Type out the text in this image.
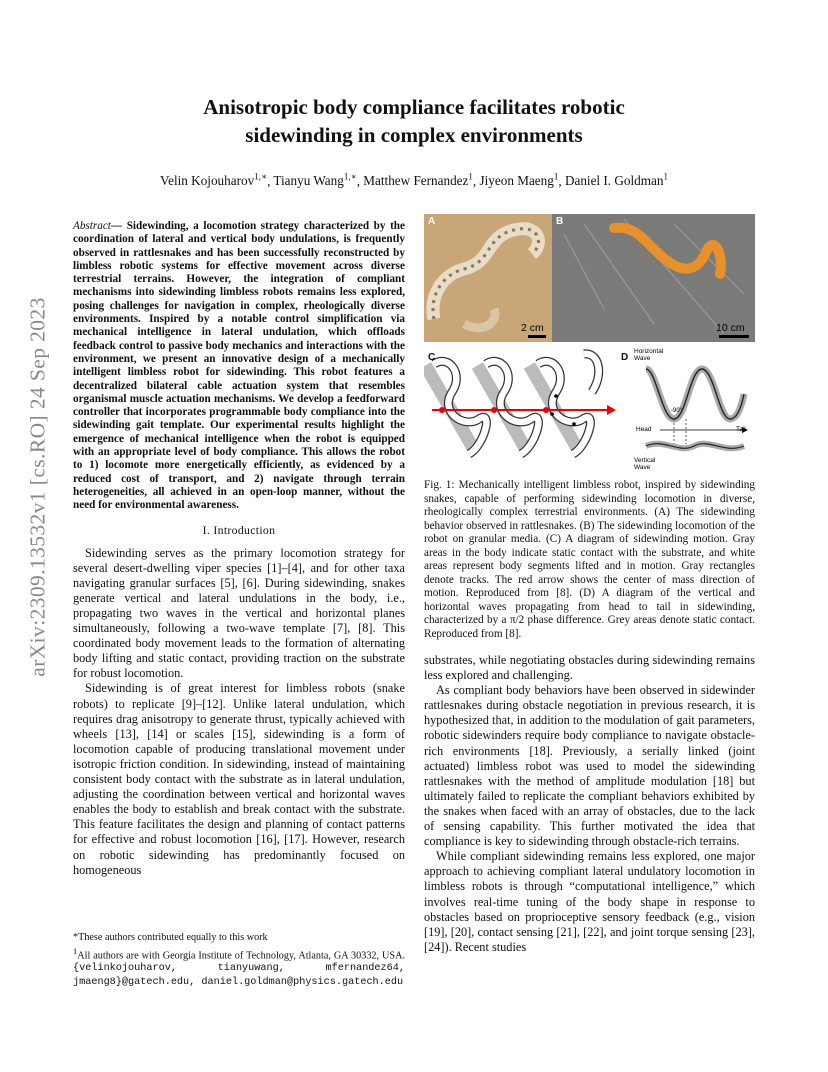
arXiv:2309.13532v1 [cs.RO] 24 Sep 2023
Anisotropic body compliance facilitates robotic
sidewinding in complex environments
Velin Kojouharov$^{1,∗}$, Tianyu Wang$^{1,∗}$, Matthew Fernandez$^1$, Jiyeon Maeng$^1$, Daniel I. Goldman$^1$

Abstract— Sidewinding, a locomotion strategy characterized by the coordination of lateral and vertical body undulations, is frequently observed in rattlesnakes and has been successfully reconstructed by limbless robotic systems for effective movement across diverse terrestrial terrains. However, the integration of compliant mechanisms into sidewinding limbless robots remains less explored, posing challenges for navigation in complex, rheologically diverse environments. Inspired by a notable control simplification via mechanical intelligence in lateral undulation, which offloads feedback control to passive body mechanics and interactions with the environment, we present an innovative design of a mechanically intelligent limbless robot for sidewinding. This robot features a decentralized bilateral cable actuation system that resembles organismal muscle actuation mechanisms. We develop a feedforward controller that incorporates programmable body compliance into the sidewinding gait template. Our experimental results highlight the emergence of mechanical intelligence when the robot is equipped with an appropriate level of body compliance. This allows the robot to 1) locomote more energetically efficiently, as evidenced by a reduced cost of transport, and 2) navigate through terrain heterogeneities, all achieved in an open-loop manner, without the need for environmental awareness.

I. Introduction

Sidewinding serves as the primary locomotion strategy for several desert-dwelling viper species [1]–[4], and for other taxa navigating granular surfaces [5], [6]. During sidewinding, snakes generate vertical and lateral undulations in the body, i.e., propagating two waves in the vertical and horizontal planes simultaneously, following a two-wave template [7], [8]. This coordinated body movement leads to the formation of alternating body lifting and static contact, providing traction on the substrate for robust locomotion.

Sidewinding is of great interest for limbless robots (snake robots) to replicate [9]–[12]. Unlike lateral undulation, which requires drag anisotropy to generate thrust, typically achieved with wheels [13], [14] or scales [15], sidewinding is a form of locomotion capable of producing translational movement under isotropic friction condition. In sidewinding, instead of maintaining consistent body contact with the substrate as in lateral undulation, adjusting the coordination between vertical and horizontal waves enables the body to establish and break contact with the substrate. This feature facilitates the design and planning of contact patterns for effective and robust locomotion [16], [17]. However, research on robotic sidewinding has predominantly focused on homogeneous

*These authors contributed equally to this work
$^1$All authors are with Georgia Institute of Technology, Atlanta, GA 30332, USA. {velinkojouharov, tianyuwang, mfernandez64, jmaeng8}@gatech.edu, daniel.goldman@physics.gatech.edu
A	B
C	D
2 cm	10 cm
Horizontal Wave
Vertical Wave
Head	Tail
-90°
Fig. 1: Mechanically intelligent limbless robot, inspired by sidewinding snakes, capable of performing sidewinding locomotion in diverse, rheologically complex terrestrial environments. (A) The sidewinding behavior observed in rattlesnakes. (B) The sidewinding locomotion of the robot on granular media. (C) A diagram of sidewinding motion. Gray areas in the body indicate static contact with the substrate, and white areas represent body segments lifted and in motion. Gray rectangles denote tracks. The red arrow shows the center of mass direction of motion. Reproduced from [8]. (D) A diagram of the vertical and horizontal waves propagating from head to tail in sidewinding, characterized by a π/2 phase difference. Grey areas denote static contact. Reproduced from [8].

substrates, while negotiating obstacles during sidewinding remains less explored and challenging.

As compliant body behaviors have been observed in sidewinder rattlesnakes during obstacle negotiation in previous research, it is hypothesized that, in addition to the modulation of gait parameters, robotic sidewinders require body compliance to navigate obstacle-rich environments [18]. Previously, a serially linked (joint actuated) limbless robot was used to model the sidewinding rattlesnakes with the method of amplitude modulation [18] but ultimately failed to replicate the compliant behaviors exhibited by the snakes when faced with an array of obstacles, due to the lack of sensing capability. This further motivated the idea that compliance is key to sidewinding through obstacle-rich terrains.

While compliant sidewinding remains less explored, one major approach to achieving compliant lateral undulatory locomotion in limbless robots is through “computational intelligence,” which involves real-time tuning of the body shape in response to obstacles based on proprioceptive sensory feedback (e.g., vision [19], [20], contact sensing [21], [22], and joint torque sensing [23], [24]). Recent studies
